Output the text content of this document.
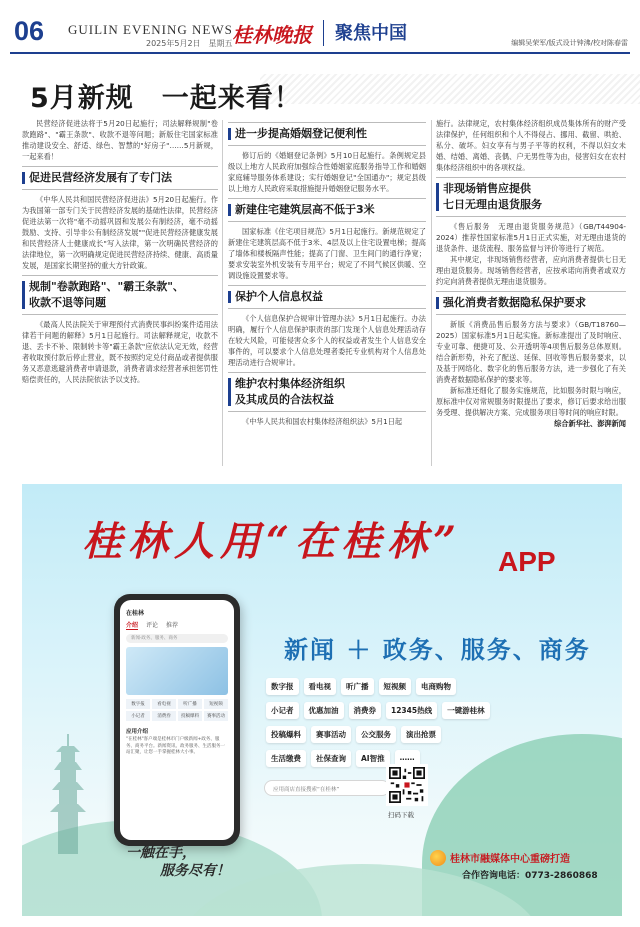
06 GUILIN EVENING NEWS
2025年5月2日　星期五 桂林晚报 聚焦中国	编辑吴荣军/版式设计钟沸/校对陈春雷
5月新规　一起来看！

民营经济促进法将于5月20日起施行；司法解释规制"卷款跑路"、"霸王条款"、收款不退等问题；新版住宅国家标准推动建设安全、舒适、绿色、智慧的"好房子"……5月新规，一起来看！

促进民营经济发展有了专门法

《中华人民共和国民营经济促进法》5月20日起施行。作为我国第一部专门关于民营经济发展的基础性法律，民营经济促进法第一次将"毫不动摇巩固和发展公有制经济，毫不动摇鼓励、支持、引导非公有制经济发展""促进民营经济健康发展和民营经济人士健康成长"写入法律，第一次明确民营经济的法律地位，第一次明确规定促进民营经济持续、健康、高质量发展，是国家长期坚持的重大方针政策。

规制"卷款跑路"、"霸王条款"、
收款不退等问题

《最高人民法院关于审理预付式消费民事纠纷案件适用法律若干问题的解释》5月1日起施行。司法解释规定，收款不退、丢卡不补、限制转卡等"霸王条款"应依法认定无效，经营者收取预付款后停止营业，既不按照约定兑付商品或者提供服务又恶意逃避消费者申请退款，消费者请求经营者承担惩罚性赔偿责任的，人民法院依法予以支持。

进一步提高婚姻登记便利性

修订后的《婚姻登记条例》5月10日起施行。条例规定县级以上地方人民政府加强综合性婚姻家庭服务指导工作和婚姻家庭辅导服务体系建设；实行婚姻登记"全国通办"；规定县级以上地方人民政府采取措施提升婚姻登记服务水平。

新建住宅建筑层高不低于3米

国家标准《住宅项目规范》5月1日起施行。新规范规定了新建住宅建筑层高不低于3米、4层及以上住宅设置电梯；提高了墙体和楼板隔声性能；提高了门窗、卫生间门的通行净宽；要求安装室外机安装有专用平台；规定了不同气候区供暖、空调设施设置要求等。

保护个人信息权益

《个人信息保护合规审计管理办法》5月1日起施行。办法明确，履行个人信息保护职责的部门发现个人信息处理活动存在较大风险，可能侵害众多个人的权益或者发生个人信息安全事件的，可以要求个人信息处理者委托专业机构对个人信息处理活动进行合规审计。

维护农村集体经济组织
及其成员的合法权益

《中华人民共和国农村集体经济组织法》5月1日起

施行。法律规定，农村集体经济组织成员集体所有的财产受法律保护，任何组织和个人不得侵占、挪用、截留、哄抢、私分、破坏。妇女享有与男子平等的权利，不得以妇女未婚、结婚、离婚、丧偶、户无男性等为由，侵害妇女在农村集体经济组织中的各项权益。

非现场销售应提供
七日无理由退货服务

《售后服务　无理由退货服务规范》（GB/T44904-2024）推荐性国家标准5月1日正式实施，对无理由退货的退货条件、退货流程、服务监督与评价等进行了规范。

其中规定，非现场销售经营者，应向消费者提供七日无理由退货服务。现场销售经营者，应按承诺向消费者或双方约定向消费者提供无理由退货服务。

强化消费者数据隐私保护要求

新版《消费品售后服务方法与要求》（GB/T18760—2025）国家标准5月1日起实施。新标准提出了及时响应、专业可靠、便捷可及、公开透明等4项售后服务总体原则。结合新形势，补充了配送、延保、回收等售后服务要求，以及基于网络化、数字化的售后服务方法，进一步强化了有关消费者数据隐私保护的要求等。

新标准还细化了服务实施规范，比如服务时限与响应，原标准中仅对常规服务时限提出了要求，修订后要求给出服务受理、提供解决方案、完成服务项目等时间的响应时限。

综合新华社、澎湃新闻

桂林人用“在桂林” APP
新闻 ＋ 政务、服务、商务
在桂林
介绍 评论 推荐
新闻·政务、服务、商务
数字报	看电视	听广播	短视频
小记者	消费券	投稿爆料	赛事活动
应用介绍
"在桂林"客户端是桂林市门户级新闻+政务、服务、商务平台。新闻资讯、政务服务、生活服务一站汇聚，让您一手掌握桂林大小事。
数字报	看电视	听广播	短视频	电商购物
小记者	优惠加油	消费券	12345热线	一键游桂林
投稿爆料	赛事活动	公交服务	演出抢票
生活缴费	社保查询	AI智推	……
应用商店直接搜索“在桂林”
扫码下载
一触在手，
服务尽有！
桂林市融媒体中心重磅打造
合作咨询电话：0773-2860868
